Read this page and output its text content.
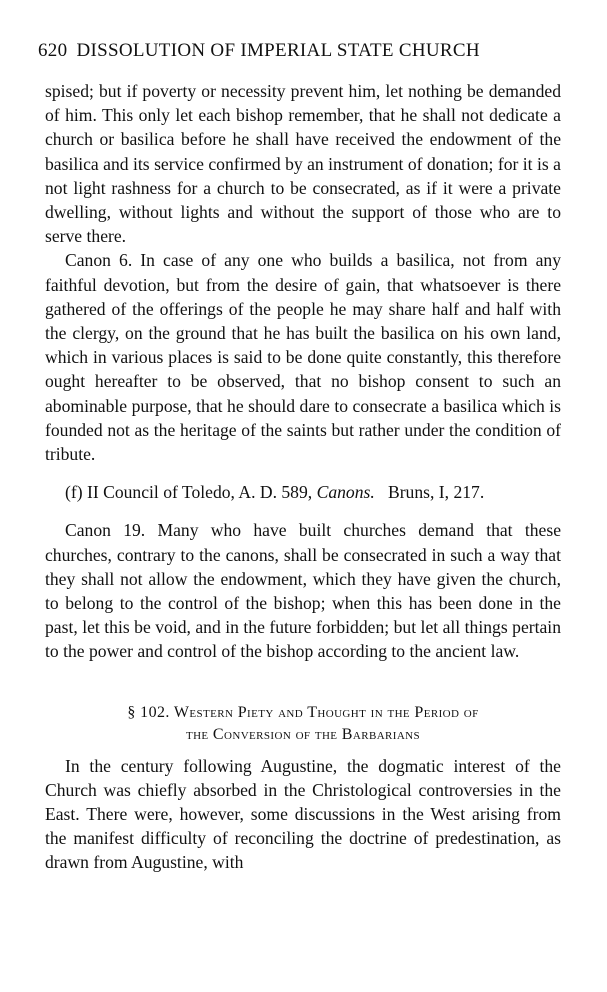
620 DISSOLUTION OF IMPERIAL STATE CHURCH

spised; but if poverty or necessity prevent him, let nothing be demanded of him. This only let each bishop remember, that he shall not dedicate a church or basilica before he shall have received the endowment of the basilica and its service confirmed by an instrument of donation; for it is a not light rashness for a church to be consecrated, as if it were a private dwelling, without lights and without the support of those who are to serve there.

Canon 6. In case of any one who builds a basilica, not from any faithful devotion, but from the desire of gain, that whatsoever is there gathered of the offerings of the people he may share half and half with the clergy, on the ground that he has built the basilica on his own land, which in various places is said to be done quite constantly, this therefore ought hereafter to be observed, that no bishop consent to such an abominable purpose, that he should dare to consecrate a basilica which is founded not as the heritage of the saints but rather under the condition of tribute.

(f) II Council of Toledo, A. D. 589, Canons. Bruns, I, 217.

Canon 19. Many who have built churches demand that these churches, contrary to the canons, shall be consecrated in such a way that they shall not allow the endowment, which they have given the church, to belong to the control of the bishop; when this has been done in the past, let this be void, and in the future forbidden; but let all things pertain to the power and control of the bishop according to the ancient law.

§ 102. Western Piety and Thought in the Period of
the Conversion of the Barbarians

In the century following Augustine, the dogmatic interest of the Church was chiefly absorbed in the Christological controversies in the East. There were, however, some discussions in the West arising from the manifest difficulty of reconciling the doctrine of predestination, as drawn from Augustine, with
